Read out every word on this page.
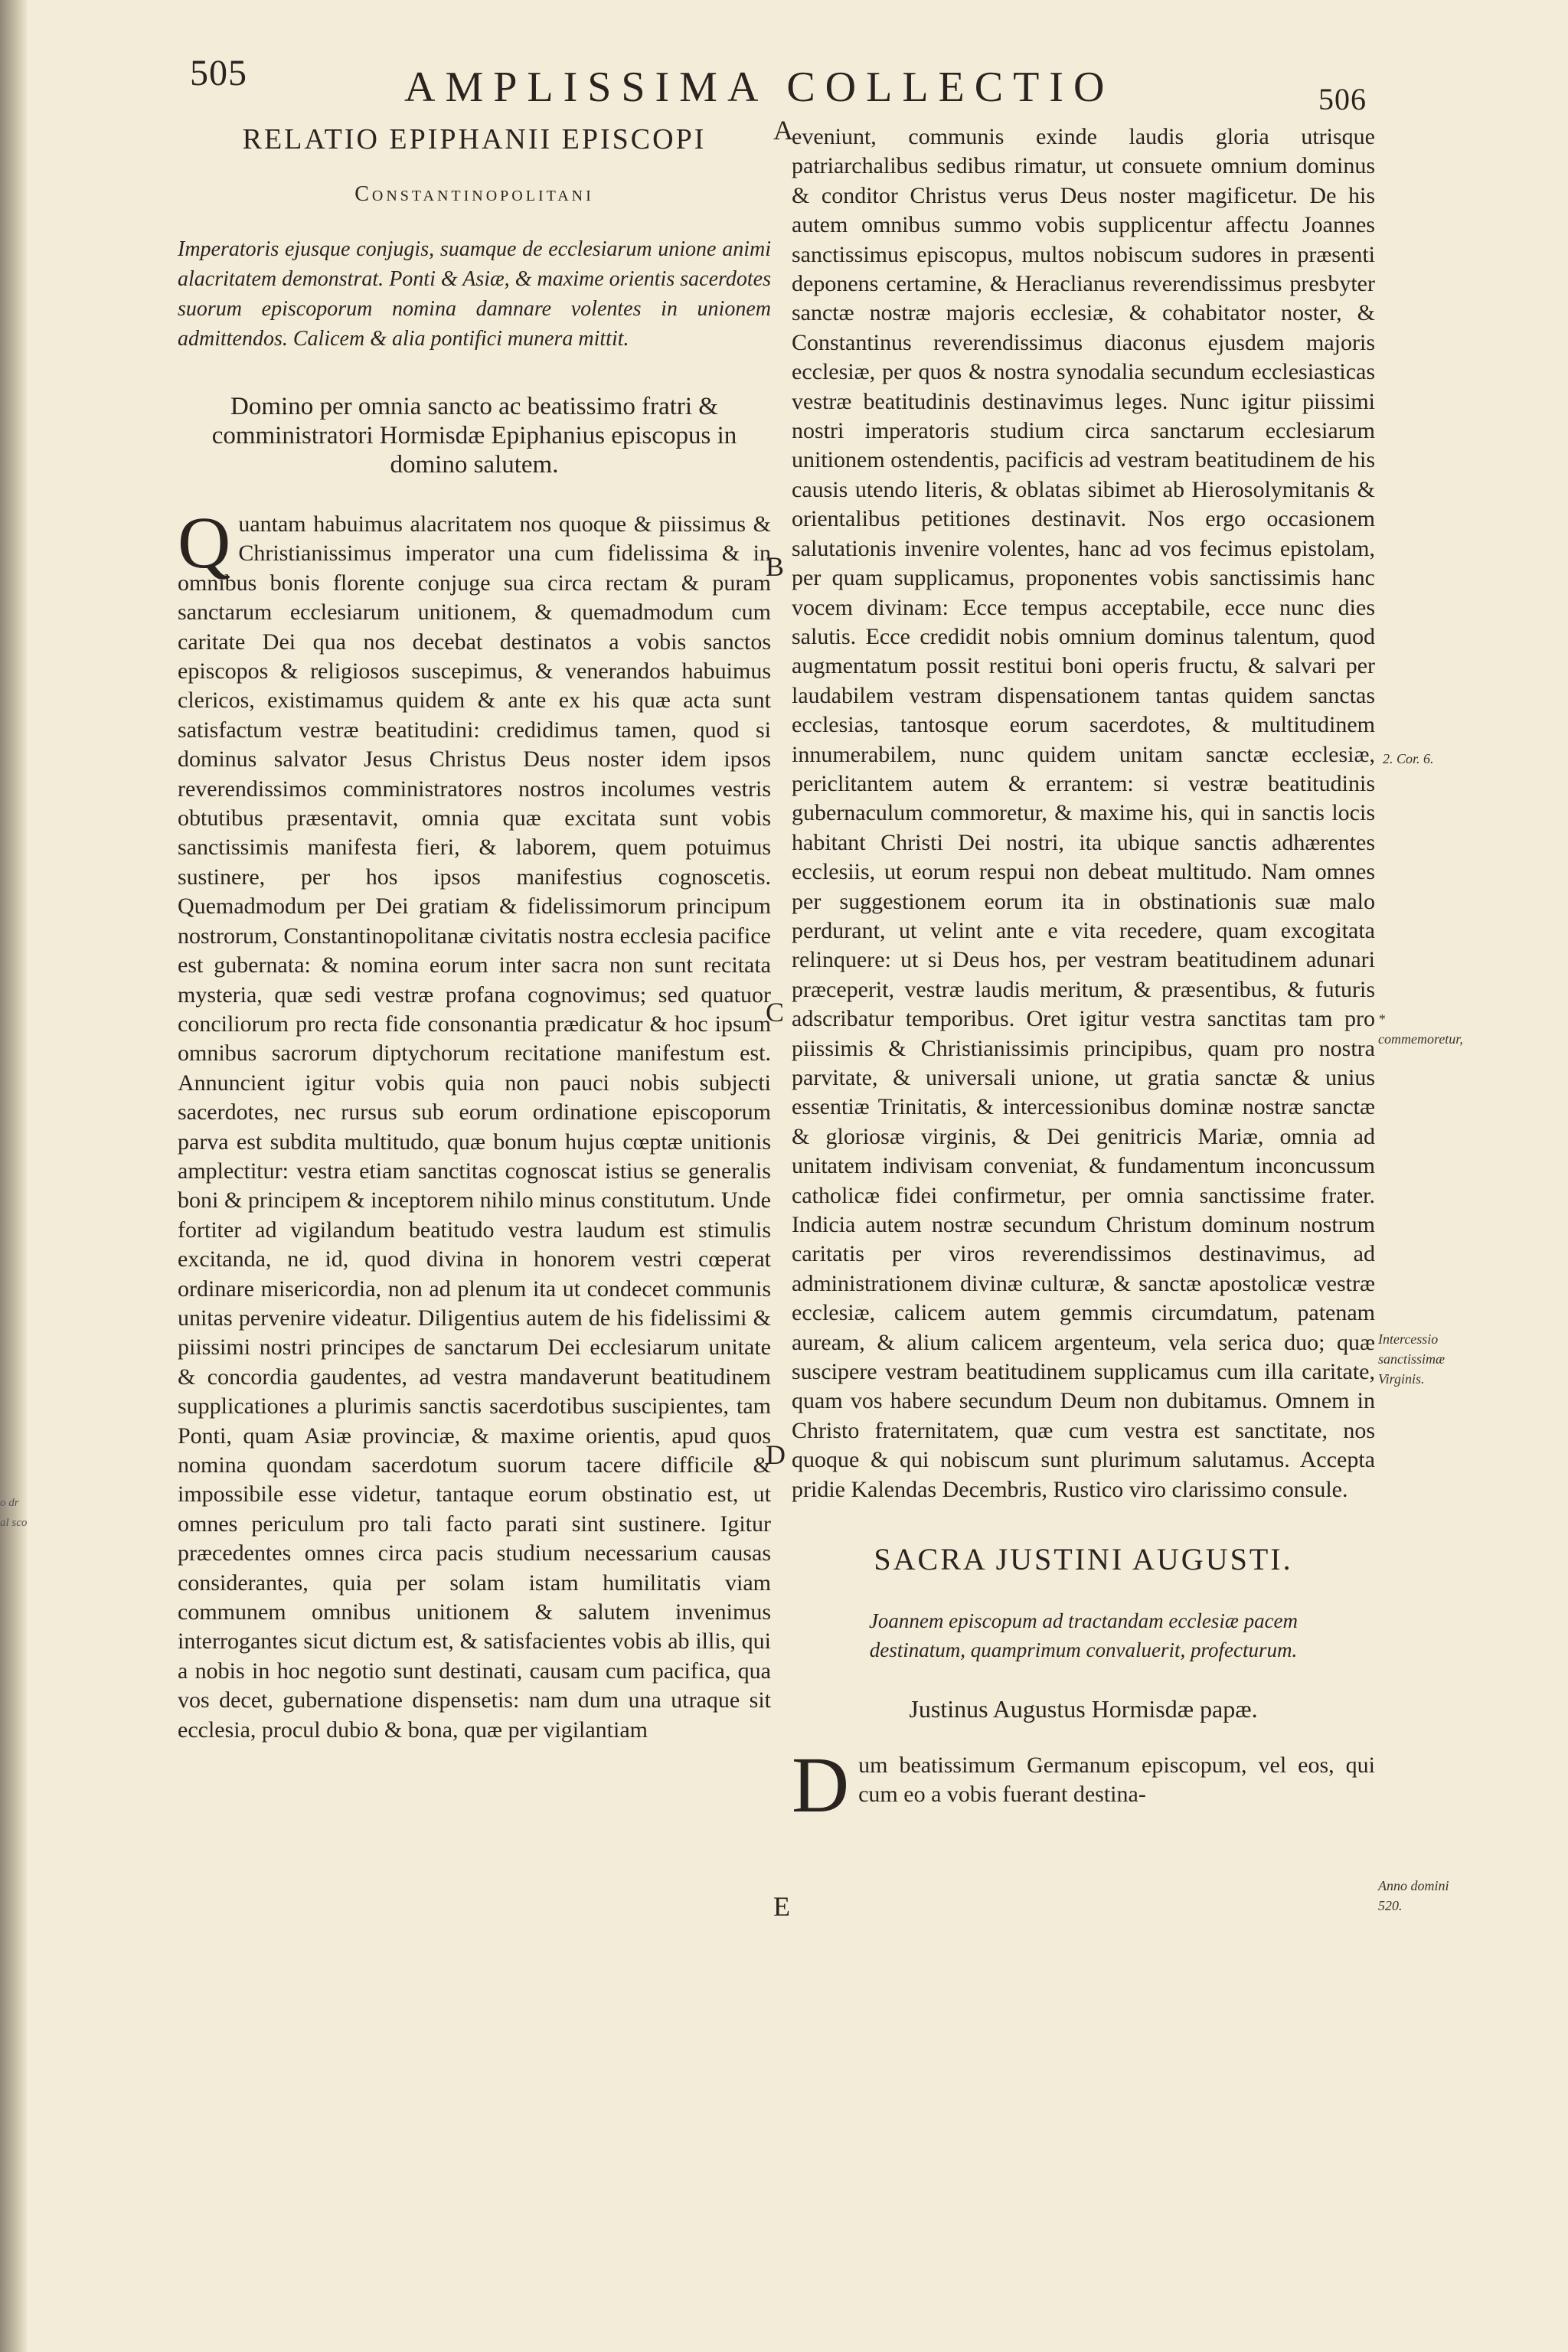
o dr
al sco
505	AMPLISSIMA COLLECTIO	506
RELATIO EPIPHANII EPISCOPI
Constantinopolitani
Imperatoris ejusque conjugis, suamque de ecclesiarum unione animi alacritatem demonstrat. Ponti & Asiæ, & maxime orientis sacerdotes suorum episcoporum nomina damnare volentes in unionem admittendos. Calicem & alia pontifici munera mittit.
Domino per omnia sancto ac beatissimo fratri & comministratori Hormisdæ Epiphanius episcopus in domino salutem.
Quantam habuimus alacritatem nos quoque & piissimus & Christianissimus imperator una cum fidelissima & in omnibus bonis florente conjuge sua circa rectam & puram sanctarum ecclesiarum unitionem, & quemadmodum cum caritate Dei qua nos decebat destinatos a vobis sanctos episcopos & religiosos suscepimus, & venerandos habuimus clericos, existimamus quidem & ante ex his quæ acta sunt satisfactum vestræ beatitudini: credidimus tamen, quod si dominus salvator Jesus Christus Deus noster idem ipsos reverendissimos comministratores nostros incolumes vestris obtutibus præsentavit, omnia quæ excitata sunt vobis sanctissimis manifesta fieri, & laborem, quem potuimus sustinere, per hos ipsos manifestius cognoscetis. Quemadmodum per Dei gratiam & fidelissimorum principum nostrorum, Constantinopolitanæ civitatis nostra ecclesia pacifice est gubernata: & nomina eorum inter sacra non sunt recitata mysteria, quæ sedi vestræ profana cognovimus; sed quatuor conciliorum pro recta fide consonantia prædicatur & hoc ipsum omnibus sacrorum diptychorum recitatione manifestum est. Annuncient igitur vobis quia non pauci nobis subjecti sacerdotes, nec rursus sub eorum ordinatione episcoporum parva est subdita multitudo, quæ bonum hujus cœptæ unitionis amplectitur: vestra etiam sanctitas cognoscat istius se generalis boni & principem & inceptorem nihilo minus constitutum. Unde fortiter ad vigilandum beatitudo vestra laudum est stimulis excitanda, ne id, quod divina in honorem vestri cœperat ordinare misericordia, non ad plenum ita ut condecet communis unitas pervenire videatur. Diligentius autem de his fidelissimi & piissimi nostri principes de sanctarum Dei ecclesiarum unitate & concordia gaudentes, ad vestra mandaverunt beatitudinem supplicationes a plurimis sanctis sacerdotibus suscipientes, tam Ponti, quam Asiæ provinciæ, & maxime orientis, apud quos nomina quondam sacerdotum suorum tacere difficile & impossibile esse videtur, tantaque eorum obstinatio est, ut omnes periculum pro tali facto parati sint sustinere. Igitur præcedentes omnes circa pacis studium necessarium causas considerantes, quia per solam istam humilitatis viam communem omnibus unitionem & salutem invenimus interrogantes sicut dictum est, & satisfacientes vobis ab illis, qui a nobis in hoc negotio sunt destinati, causam cum pacifica, qua vos decet, gubernatione dispensetis: nam dum una utraque sit ecclesia, procul dubio & bona, quæ per vigilantiam
A
B
C
D
E
eveniunt, communis exinde laudis gloria utrisque patriarchalibus sedibus rimatur, ut consuete omnium dominus & conditor Christus verus Deus noster magificetur. De his autem omnibus summo vobis supplicentur affectu Joannes sanctissimus episcopus, multos nobiscum sudores in præsenti deponens certamine, & Heraclianus reverendissimus presbyter sanctæ nostræ majoris ecclesiæ, & cohabitator noster, & Constantinus reverendissimus diaconus ejusdem majoris ecclesiæ, per quos & nostra synodalia secundum ecclesiasticas vestræ beatitudinis destinavimus leges. Nunc igitur piissimi nostri imperatoris studium circa sanctarum ecclesiarum unitionem ostendentis, pacificis ad vestram beatitudinem de his causis utendo literis, & oblatas sibimet ab Hierosolymitanis & orientalibus petitiones destinavit. Nos ergo occasionem salutationis invenire volentes, hanc ad vos fecimus epistolam, per quam supplicamus, proponentes vobis sanctissimis hanc vocem divinam: Ecce tempus acceptabile, ecce nunc dies salutis. Ecce credidit nobis omnium dominus talentum, quod augmentatum possit restitui boni operis fructu, & salvari per laudabilem vestram dispensationem tantas quidem sanctas ecclesias, tantosque eorum sacerdotes, & multitudinem innumerabilem, nunc quidem unitam sanctæ ecclesiæ, periclitantem autem & errantem: si vestræ beatitudinis gubernaculum commoretur, & maxime his, qui in sanctis locis habitant Christi Dei nostri, ita ubique sanctis adhærentes ecclesiis, ut eorum respui non debeat multitudo. Nam omnes per suggestionem eorum ita in obstinationis suæ malo perdurant, ut velint ante e vita recedere, quam excogitata relinquere: ut si Deus hos, per vestram beatitudinem adunari præceperit, vestræ laudis meritum, & præsentibus, & futuris adscribatur temporibus. Oret igitur vestra sanctitas tam pro piissimis & Christianissimis principibus, quam pro nostra parvitate, & universali unione, ut gratia sanctæ & unius essentiæ Trinitatis, & intercessionibus dominæ nostræ sanctæ & gloriosæ virginis, & Dei genitricis Mariæ, omnia ad unitatem indivisam conveniat, & fundamentum inconcussum catholicæ fidei confirmetur, per omnia sanctissime frater. Indicia autem nostræ secundum Christum dominum nostrum caritatis per viros reverendissimos destinavimus, ad administrationem divinæ culturæ, & sanctæ apostolicæ vestræ ecclesiæ, calicem autem gemmis circumdatum, patenam auream, & alium calicem argenteum, vela serica duo; quæ suscipere vestram beatitudinem supplicamus cum illa caritate, quam vos habere secundum Deum non dubitamus. Omnem in Christo fraternitatem, quæ cum vestra est sanctitate, nos quoque & qui nobiscum sunt plurimum salutamus. Accepta pridie Kalendas Decembris, Rustico viro clarissimo consule.
SACRA JUSTINI AUGUSTI.
Joannem episcopum ad tractandam ecclesiæ pacem destinatum, quamprimum convaluerit, profecturum.
Justinus Augustus Hormisdæ papæ.
Dum beatissimum Germanum episcopum, vel eos, qui cum eo a vobis fuerant destina-
2. Cor. 6.
* commemoretur,
Intercessio sanctissimæ Virginis.
Anno domini 520.
